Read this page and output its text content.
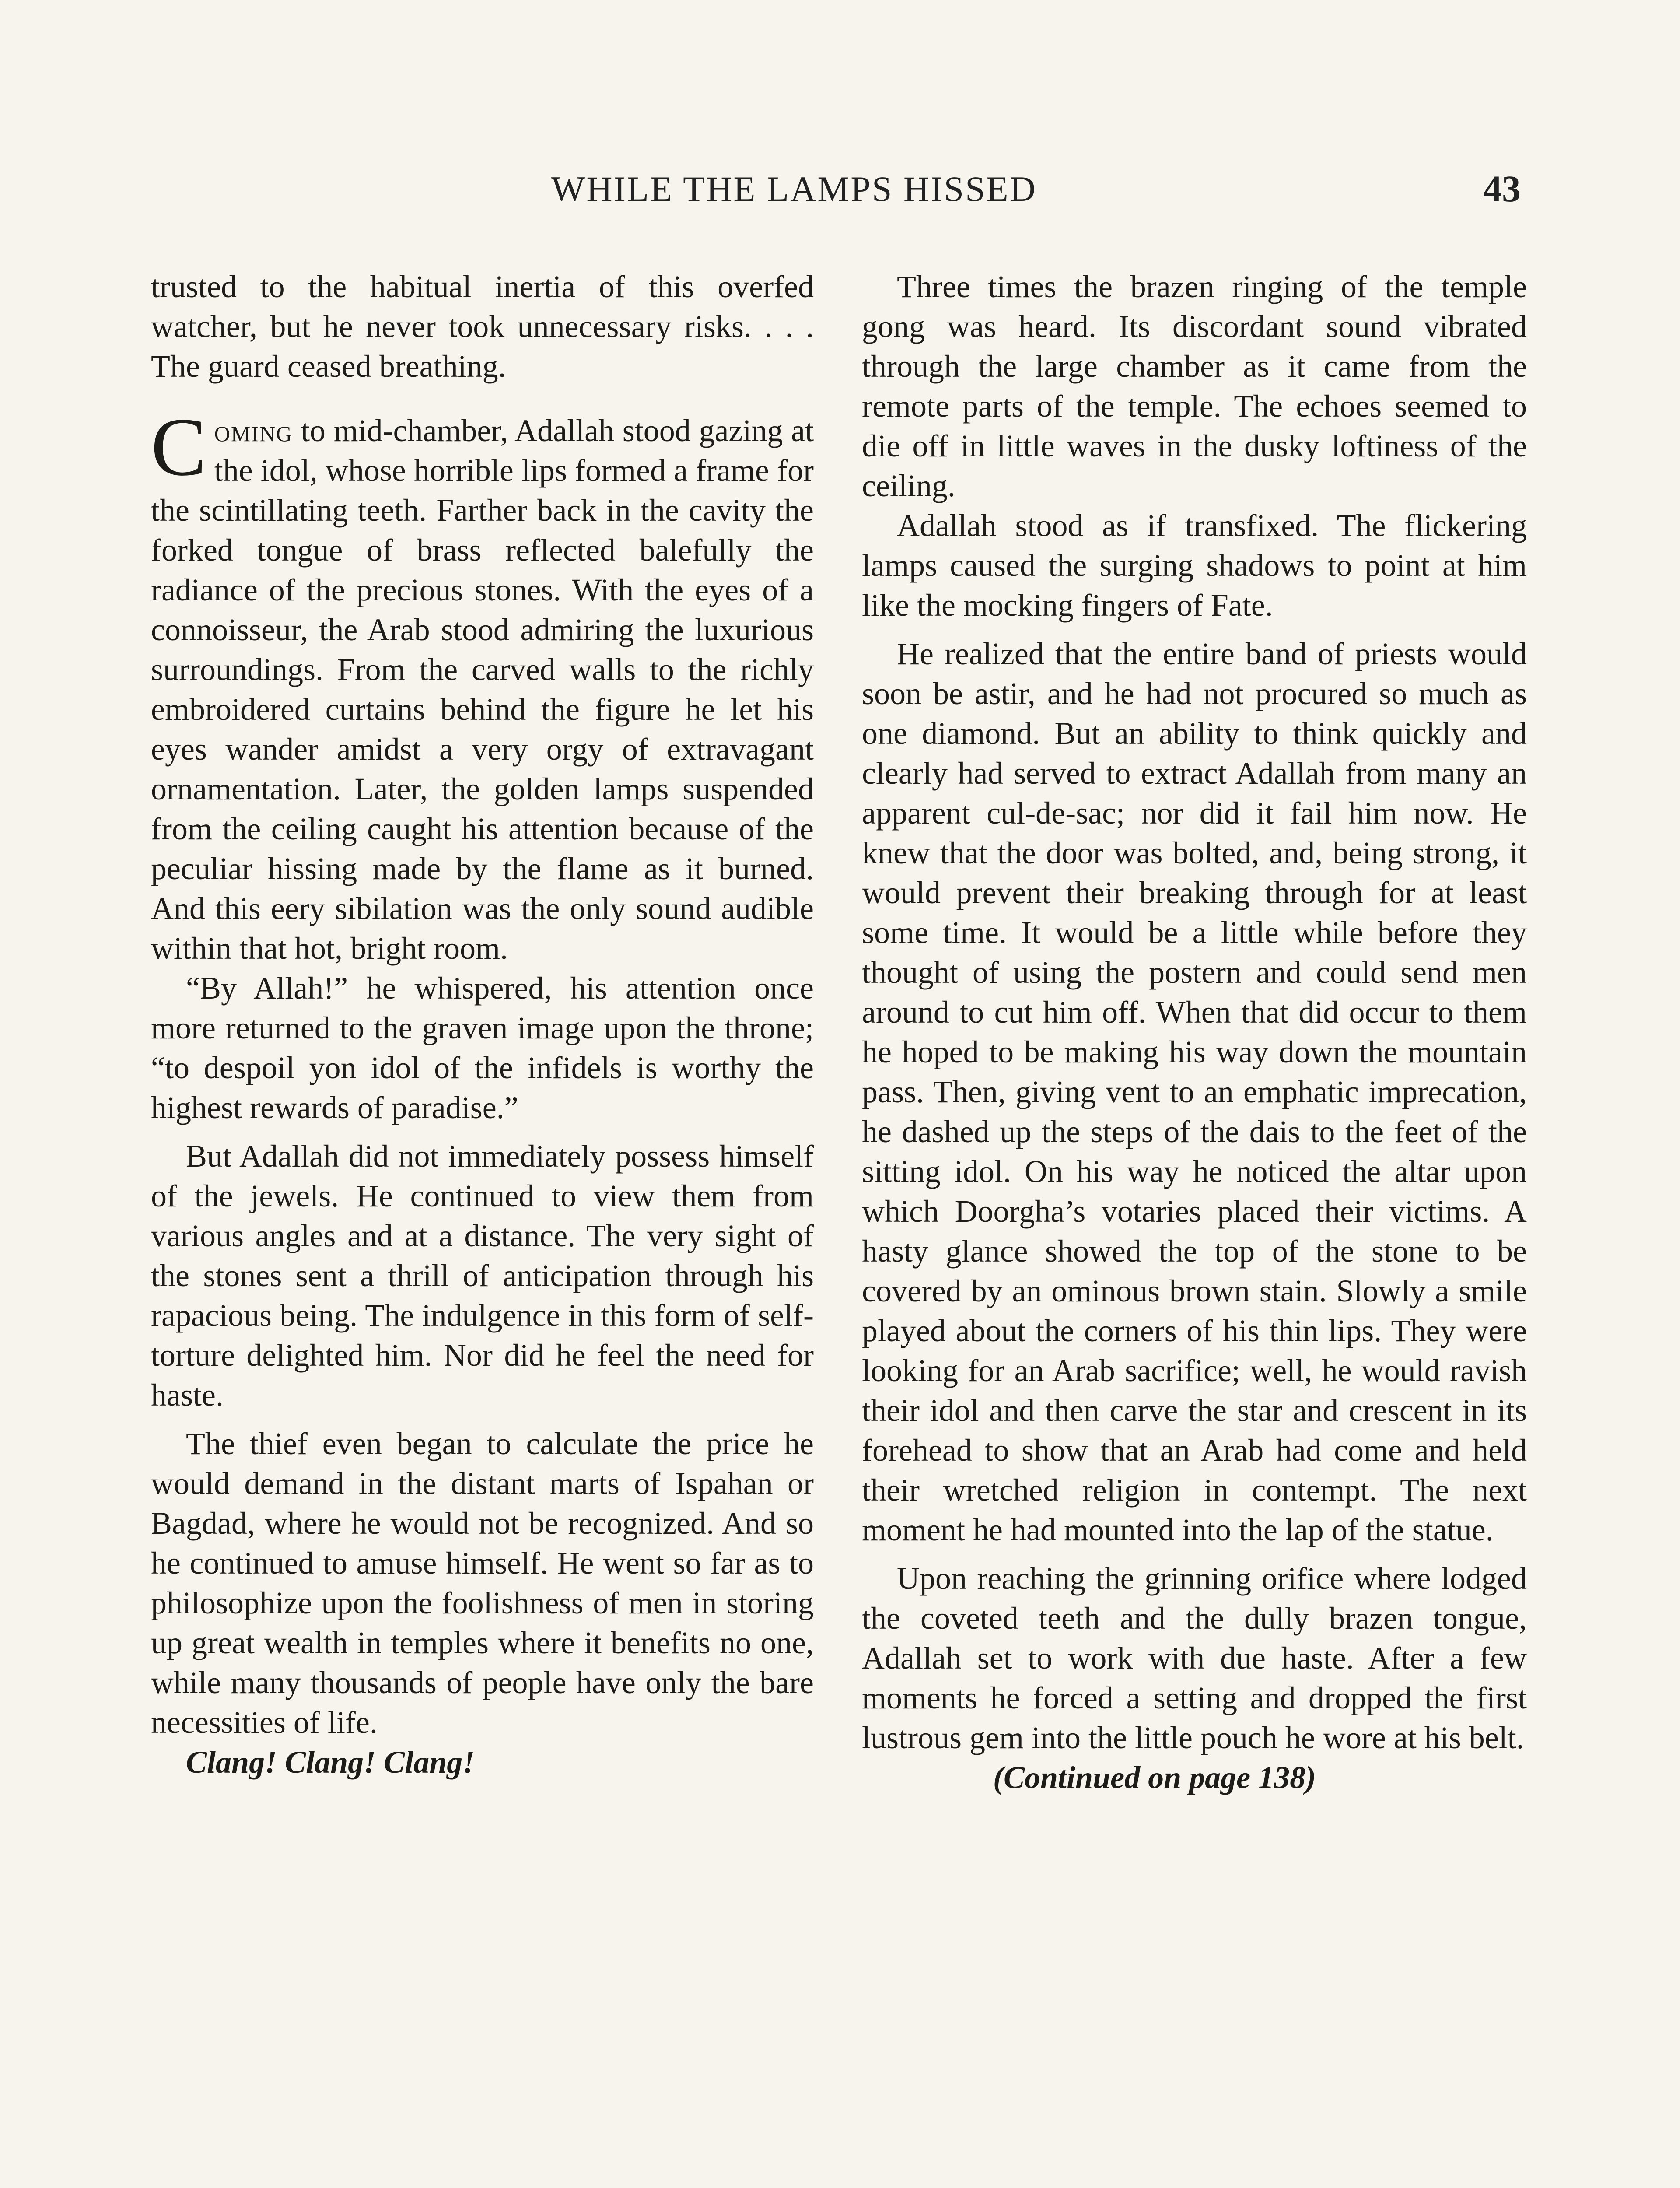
WHILE THE LAMPS HISSED	43

trusted to the habitual inertia of this overfed watcher, but he never took unnecessary risks. . . . The guard ceased breathing.

Coming to mid-chamber, Adallah stood gazing at the idol, whose horrible lips formed a frame for the scintillating teeth. Farther back in the cavity the forked tongue of brass reflected balefully the radiance of the precious stones. With the eyes of a connoisseur, the Arab stood admiring the luxurious surroundings. From the carved walls to the richly embroidered curtains behind the figure he let his eyes wander amidst a very orgy of extravagant ornamentation. Later, the golden lamps suspended from the ceiling caught his attention because of the peculiar hissing made by the flame as it burned. And this eery sibilation was the only sound audible within that hot, bright room.

“By Allah!” he whispered, his attention once more returned to the graven image upon the throne; “to despoil yon idol of the infidels is worthy the highest rewards of paradise.”

But Adallah did not immediately possess himself of the jewels. He continued to view them from various angles and at a distance. The very sight of the stones sent a thrill of anticipation through his rapacious being. The indulgence in this form of self-torture delighted him. Nor did he feel the need for haste.

The thief even began to calculate the price he would demand in the distant marts of Ispahan or Bagdad, where he would not be recognized. And so he continued to amuse himself. He went so far as to philosophize upon the foolishness of men in storing up great wealth in temples where it benefits no one, while many thousands of people have only the bare necessities of life.

Clang! Clang! Clang!

Three times the brazen ringing of the temple gong was heard. Its discordant sound vibrated through the large chamber as it came from the remote parts of the temple. The echoes seemed to die off in little waves in the dusky loftiness of the ceiling.

Adallah stood as if transfixed. The flickering lamps caused the surging shadows to point at him like the mocking fingers of Fate.

He realized that the entire band of priests would soon be astir, and he had not procured so much as one diamond. But an ability to think quickly and clearly had served to extract Adallah from many an apparent cul-de-sac; nor did it fail him now. He knew that the door was bolted, and, being strong, it would prevent their breaking through for at least some time. It would be a little while before they thought of using the postern and could send men around to cut him off. When that did occur to them he hoped to be making his way down the mountain pass. Then, giving vent to an emphatic imprecation, he dashed up the steps of the dais to the feet of the sitting idol. On his way he noticed the altar upon which Doorgha’s votaries placed their victims. A hasty glance showed the top of the stone to be covered by an ominous brown stain. Slowly a smile played about the corners of his thin lips. They were looking for an Arab sacrifice; well, he would ravish their idol and then carve the star and crescent in its forehead to show that an Arab had come and held their wretched religion in contempt. The next moment he had mounted into the lap of the statue.

Upon reaching the grinning orifice where lodged the coveted teeth and the dully brazen tongue, Adallah set to work with due haste. After a few moments he forced a setting and dropped the first lustrous gem into the little pouch he wore at his belt.

(Continued on page 138)
